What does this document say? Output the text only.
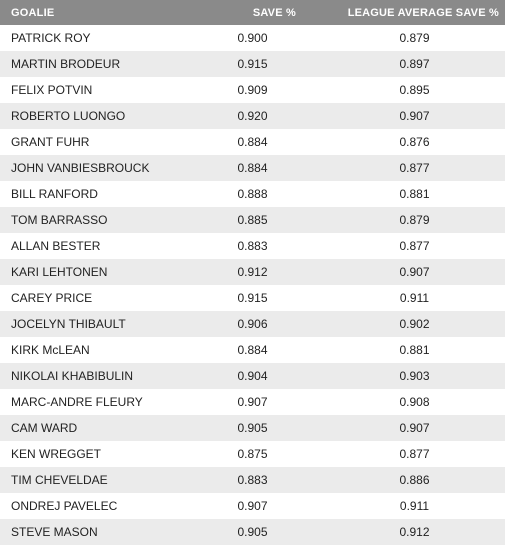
GOALIE	SAVE %	LEAGUE AVERAGE SAVE %
PATRICK ROY	0.900	0.879
MARTIN BRODEUR	0.915	0.897
FELIX POTVIN	0.909	0.895
ROBERTO LUONGO	0.920	0.907
GRANT FUHR	0.884	0.876
JOHN VANBIESBROUCK	0.884	0.877
BILL RANFORD	0.888	0.881
TOM BARRASSO	0.885	0.879
ALLAN BESTER	0.883	0.877
KARI LEHTONEN	0.912	0.907
CAREY PRICE	0.915	0.911
JOCELYN THIBAULT	0.906	0.902
KIRK McLEAN	0.884	0.881
NIKOLAI KHABIBULIN	0.904	0.903
MARC-ANDRE FLEURY	0.907	0.908
CAM WARD	0.905	0.907
KEN WREGGET	0.875	0.877
TIM CHEVELDAE	0.883	0.886
ONDREJ PAVELEC	0.907	0.911
STEVE MASON	0.905	0.912
